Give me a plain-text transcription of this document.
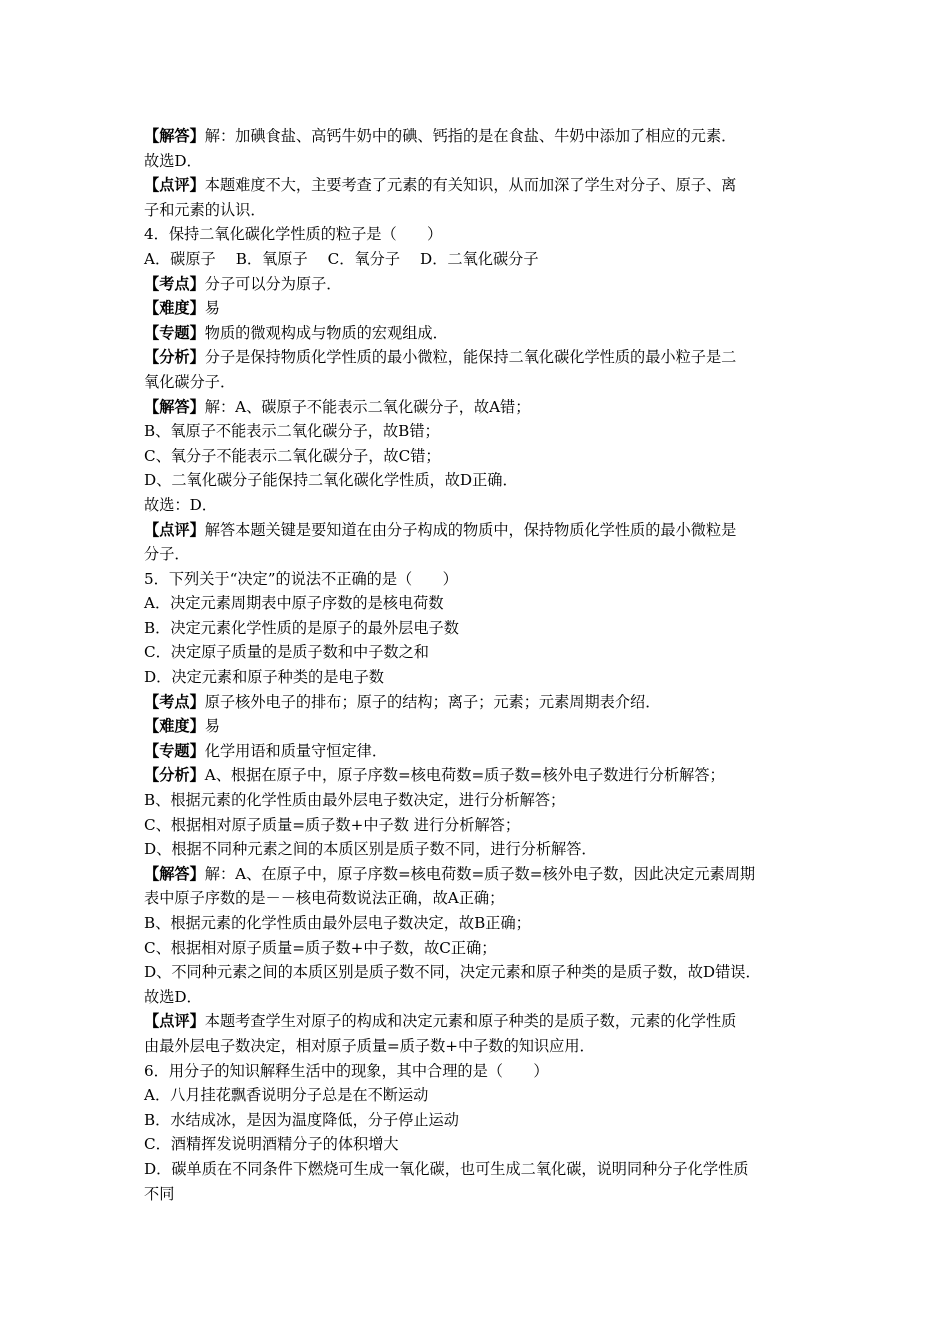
【解答】解：加碘食盐、高钙牛奶中的碘、钙指的是在食盐、牛奶中添加了相应的元素．
故选D．
【点评】本题难度不大，主要考查了元素的有关知识，从而加深了学生对分子、原子、离
子和元素的认识．
4．保持二氧化碳化学性质的粒子是（　　）
A．碳原子　 B．氧原子　 C．氧分子　 D．二氧化碳分子
【考点】分子可以分为原子．
【难度】易
【专题】物质的微观构成与物质的宏观组成．
【分析】分子是保持物质化学性质的最小微粒，能保持二氧化碳化学性质的最小粒子是二
氧化碳分子．
【解答】解：A、碳原子不能表示二氧化碳分子，故A错；
B、氧原子不能表示二氧化碳分子，故B错；
C、氧分子不能表示二氧化碳分子，故C错；
D、二氧化碳分子能保持二氧化碳化学性质，故D正确．
故选：D．
【点评】解答本题关键是要知道在由分子构成的物质中，保持物质化学性质的最小微粒是
分子．
5．下列关于“决定”的说法不正确的是（　　）
A．决定元素周期表中原子序数的是核电荷数
B．决定元素化学性质的是原子的最外层电子数
C．决定原子质量的是质子数和中子数之和
D．决定元素和原子种类的是电子数
【考点】原子核外电子的排布；原子的结构；离子；元素；元素周期表介绍．
【难度】易
【专题】化学用语和质量守恒定律．
【分析】A、根据在原子中，原子序数=核电荷数=质子数=核外电子数进行分析解答；
B、根据元素的化学性质由最外层电子数决定，进行分析解答；
C、根据相对原子质量=质子数+中子数 进行分析解答；
D、根据不同种元素之间的本质区别是质子数不同，进行分析解答．
【解答】解：A、在原子中，原子序数=核电荷数=质子数=核外电子数，因此决定元素周期
表中原子序数的是－－核电荷数说法正确，故A正确；
B、根据元素的化学性质由最外层电子数决定，故B正确；
C、根据相对原子质量=质子数+中子数，故C正确；
D、不同种元素之间的本质区别是质子数不同，决定元素和原子种类的是质子数，故D错误．
故选D．
【点评】本题考查学生对原子的构成和决定元素和原子种类的是质子数，元素的化学性质
由最外层电子数决定，相对原子质量=质子数+中子数的知识应用．
6．用分子的知识解释生活中的现象，其中合理的是（　　）
A．八月挂花飘香说明分子总是在不断运动
B．水结成冰，是因为温度降低，分子停止运动
C．酒精挥发说明酒精分子的体积增大
D．碳单质在不同条件下燃烧可生成一氧化碳，也可生成二氧化碳，说明同种分子化学性质
不同
